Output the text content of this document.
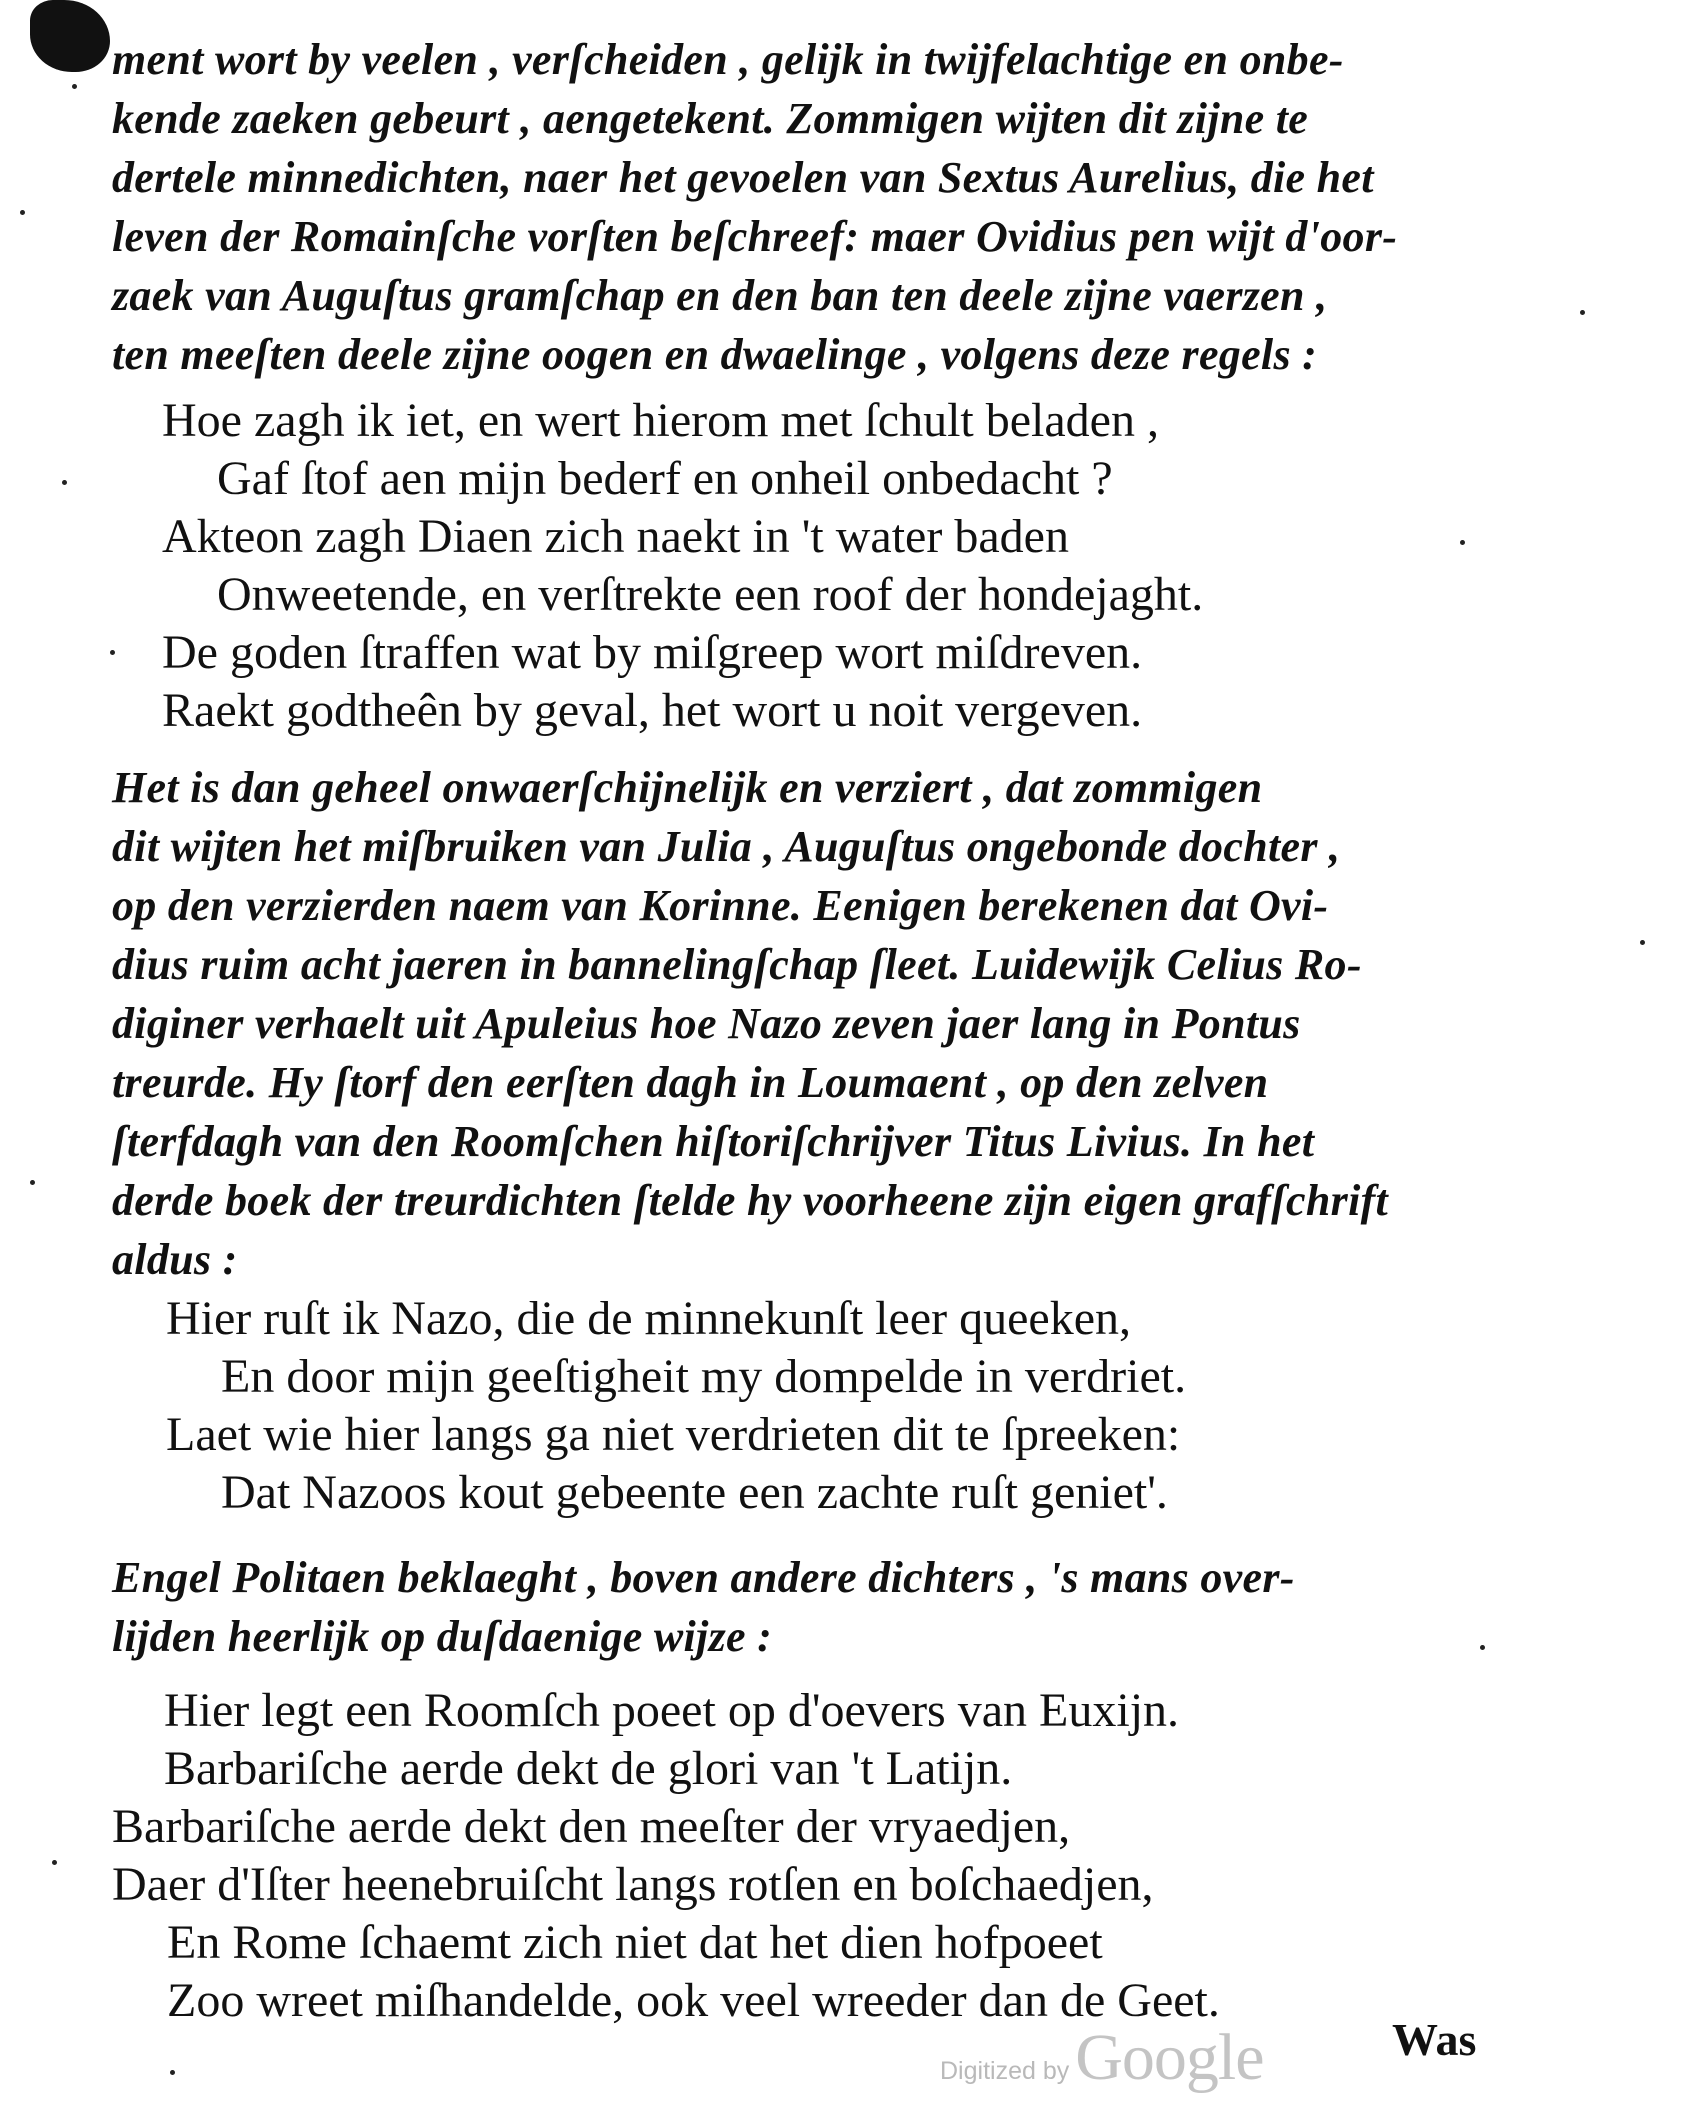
ment wort by veelen , verſcheiden , gelijk in twijfelachtige en onbe-
kende zaeken gebeurt , aengetekent. Zommigen wijten dit zijne te
dertele minnedichten, naer het gevoelen van Sextus Aurelius, die het
leven der Romainſche vorſten beſchreef: maer Ovidius pen wijt d'oor-
zaek van Auguſtus gramſchap en den ban ten deele zijne vaerzen ,
ten meeſten deele zijne oogen en dwaelinge , volgens deze regels :
Hoe zagh ik iet, en wert hierom met ſchult beladen ,
Gaf ſtof aen mijn bederf en onheil onbedacht ?
Akteon zagh Diaen zich naekt in 't water baden
Onweetende, en verſtrekte een roof der hondejaght.
De goden ſtraffen wat by miſgreep wort miſdreven.
Raekt godtheên by geval, het wort u noit vergeven.
Het is dan geheel onwaerſchijnelijk en verziert , dat zommigen
dit wijten het miſbruiken van Julia , Auguſtus ongebonde dochter ,
op den verzierden naem van Korinne. Eenigen berekenen dat Ovi-
dius ruim acht jaeren in bannelingſchap ſleet. Luidewijk Celius Ro-
diginer verhaelt uit Apuleius hoe Nazo zeven jaer lang in Pontus
treurde. Hy ſtorf den eerſten dagh in Loumaent , op den zelven
ſterfdagh van den Roomſchen hiſtoriſchrijver Titus Livius. In het
derde boek der treurdichten ſtelde hy voorheene zijn eigen grafſchrift
aldus :
Hier ruſt ik Nazo, die de minnekunſt leer queeken,
En door mijn geeſtigheit my dompelde in verdriet.
Laet wie hier langs ga niet verdrieten dit te ſpreeken:
Dat Nazoos kout gebeente een zachte ruſt geniet'.
Engel Politaen beklaeght , boven andere dichters , 's mans over-
lijden heerlijk op duſdaenige wijze :
Hier legt een Roomſch poeet op d'oevers van Euxijn.
Barbariſche aerde dekt de glori van 't Latijn.
Barbariſche aerde dekt den meeſter der vryaedjen,
Daer d'Iſter heenebruiſcht langs rotſen en boſchaedjen,
En Rome ſchaemt zich niet dat het dien hofpoeet
Zoo wreet miſhandelde, ook veel wreeder dan de Geet.
Digitized by Google	Was
